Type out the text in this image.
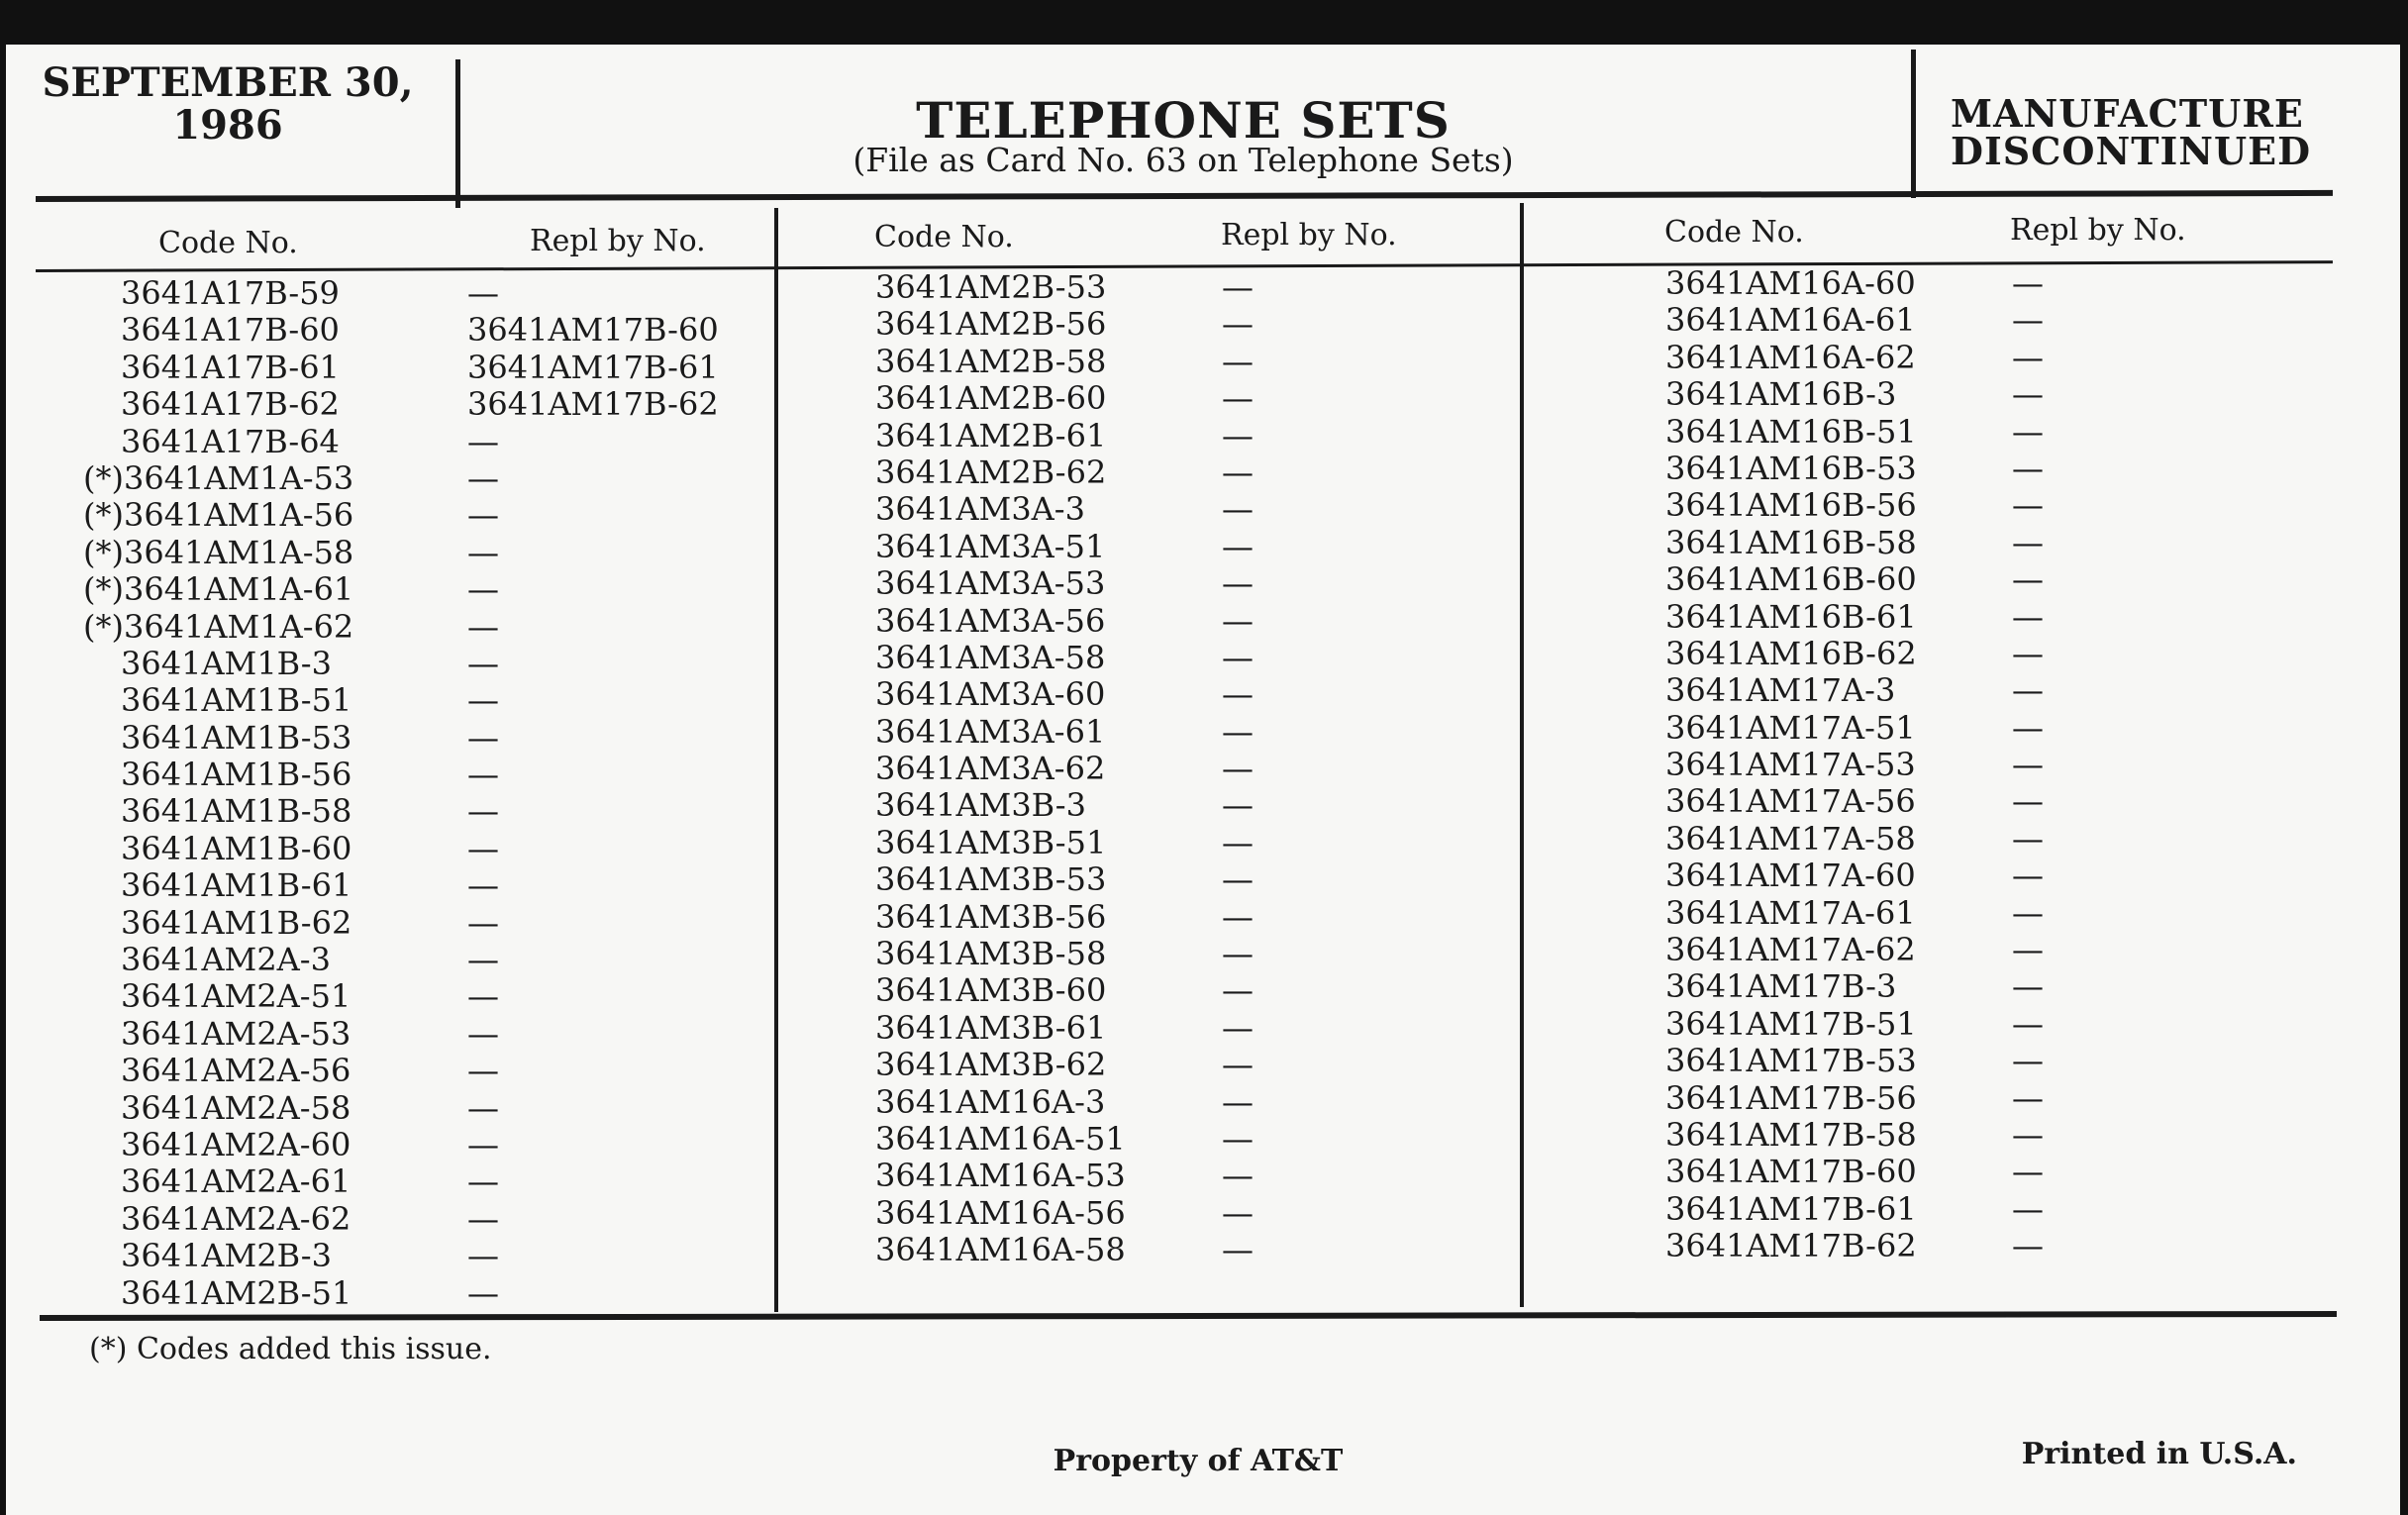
SEPTEMBER 30,
1986	TELEPHONE SETS
(File as Card No. 63 on Telephone Sets)
MANUFACTURE
DISCONTINUED
Code No.	Repl by No.	Code No.	Repl by No.	Code No.	Repl by No.
3641A17B-59	—
3641A17B-60	3641AM17B-60
3641A17B-61	3641AM17B-61
3641A17B-62	3641AM17B-62
3641A17B-64	—
(*)3641AM1A-53	—
(*)3641AM1A-56	—
(*)3641AM1A-58	—
(*)3641AM1A-61	—
(*)3641AM1A-62	—
3641AM1B-3	—
3641AM1B-51	—
3641AM1B-53	—
3641AM1B-56	—
3641AM1B-58	—
3641AM1B-60	—
3641AM1B-61	—
3641AM1B-62	—
3641AM2A-3	—
3641AM2A-51	—
3641AM2A-53	—
3641AM2A-56	—
3641AM2A-58	—
3641AM2A-60	—
3641AM2A-61	—
3641AM2A-62	—
3641AM2B-3	—
3641AM2B-51	—
3641AM2B-53	—
3641AM2B-56	—
3641AM2B-58	—
3641AM2B-60	—
3641AM2B-61	—
3641AM2B-62	—
3641AM3A-3	—
3641AM3A-51	—
3641AM3A-53	—
3641AM3A-56	—
3641AM3A-58	—
3641AM3A-60	—
3641AM3A-61	—
3641AM3A-62	—
3641AM3B-3	—
3641AM3B-51	—
3641AM3B-53	—
3641AM3B-56	—
3641AM3B-58	—
3641AM3B-60	—
3641AM3B-61	—
3641AM3B-62	—
3641AM16A-3	—
3641AM16A-51	—
3641AM16A-53	—
3641AM16A-56	—
3641AM16A-58	—
3641AM16A-60	—
3641AM16A-61	—
3641AM16A-62	—
3641AM16B-3	—
3641AM16B-51	—
3641AM16B-53	—
3641AM16B-56	—
3641AM16B-58	—
3641AM16B-60	—
3641AM16B-61	—
3641AM16B-62	—
3641AM17A-3	—
3641AM17A-51	—
3641AM17A-53	—
3641AM17A-56	—
3641AM17A-58	—
3641AM17A-60	—
3641AM17A-61	—
3641AM17A-62	—
3641AM17B-3	—
3641AM17B-51	—
3641AM17B-53	—
3641AM17B-56	—
3641AM17B-58	—
3641AM17B-60	—
3641AM17B-61	—
3641AM17B-62	—
(*) Codes added this issue.
Property of AT&T	Printed in U.S.A.
